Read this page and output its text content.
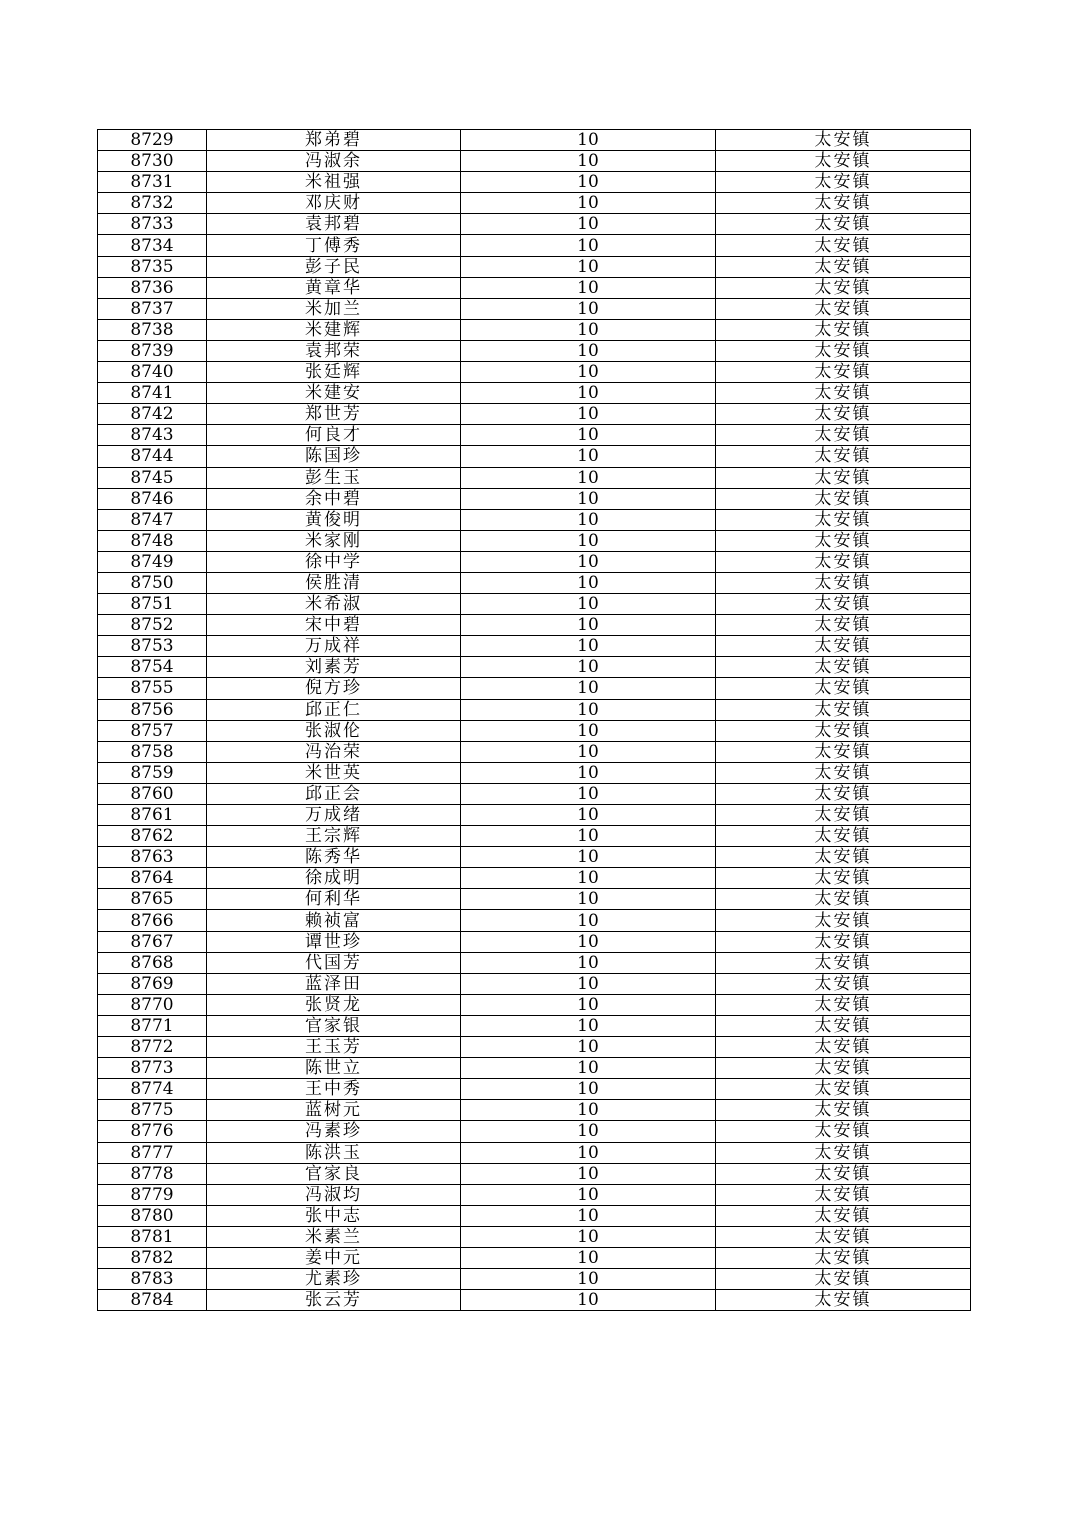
8729	郑弟碧	10	太安镇
8730	冯淑余	10	太安镇
8731	米祖强	10	太安镇
8732	邓庆财	10	太安镇
8733	袁邦碧	10	太安镇
8734	丁傅秀	10	太安镇
8735	彭子民	10	太安镇
8736	黄章华	10	太安镇
8737	米加兰	10	太安镇
8738	米建辉	10	太安镇
8739	袁邦荣	10	太安镇
8740	张廷辉	10	太安镇
8741	米建安	10	太安镇
8742	郑世芳	10	太安镇
8743	何良才	10	太安镇
8744	陈国珍	10	太安镇
8745	彭生玉	10	太安镇
8746	余中碧	10	太安镇
8747	黄俊明	10	太安镇
8748	米家刚	10	太安镇
8749	徐中学	10	太安镇
8750	侯胜清	10	太安镇
8751	米希淑	10	太安镇
8752	宋中碧	10	太安镇
8753	万成祥	10	太安镇
8754	刘素芳	10	太安镇
8755	倪方珍	10	太安镇
8756	邱正仁	10	太安镇
8757	张淑伦	10	太安镇
8758	冯治荣	10	太安镇
8759	米世英	10	太安镇
8760	邱正会	10	太安镇
8761	万成绪	10	太安镇
8762	王宗辉	10	太安镇
8763	陈秀华	10	太安镇
8764	徐成明	10	太安镇
8765	何利华	10	太安镇
8766	赖祯富	10	太安镇
8767	谭世珍	10	太安镇
8768	代国芳	10	太安镇
8769	蓝泽田	10	太安镇
8770	张贤龙	10	太安镇
8771	官家银	10	太安镇
8772	王玉芳	10	太安镇
8773	陈世立	10	太安镇
8774	王中秀	10	太安镇
8775	蓝树元	10	太安镇
8776	冯素珍	10	太安镇
8777	陈洪玉	10	太安镇
8778	官家良	10	太安镇
8779	冯淑均	10	太安镇
8780	张中志	10	太安镇
8781	米素兰	10	太安镇
8782	姜中元	10	太安镇
8783	尤素珍	10	太安镇
8784	张云芳	10	太安镇
